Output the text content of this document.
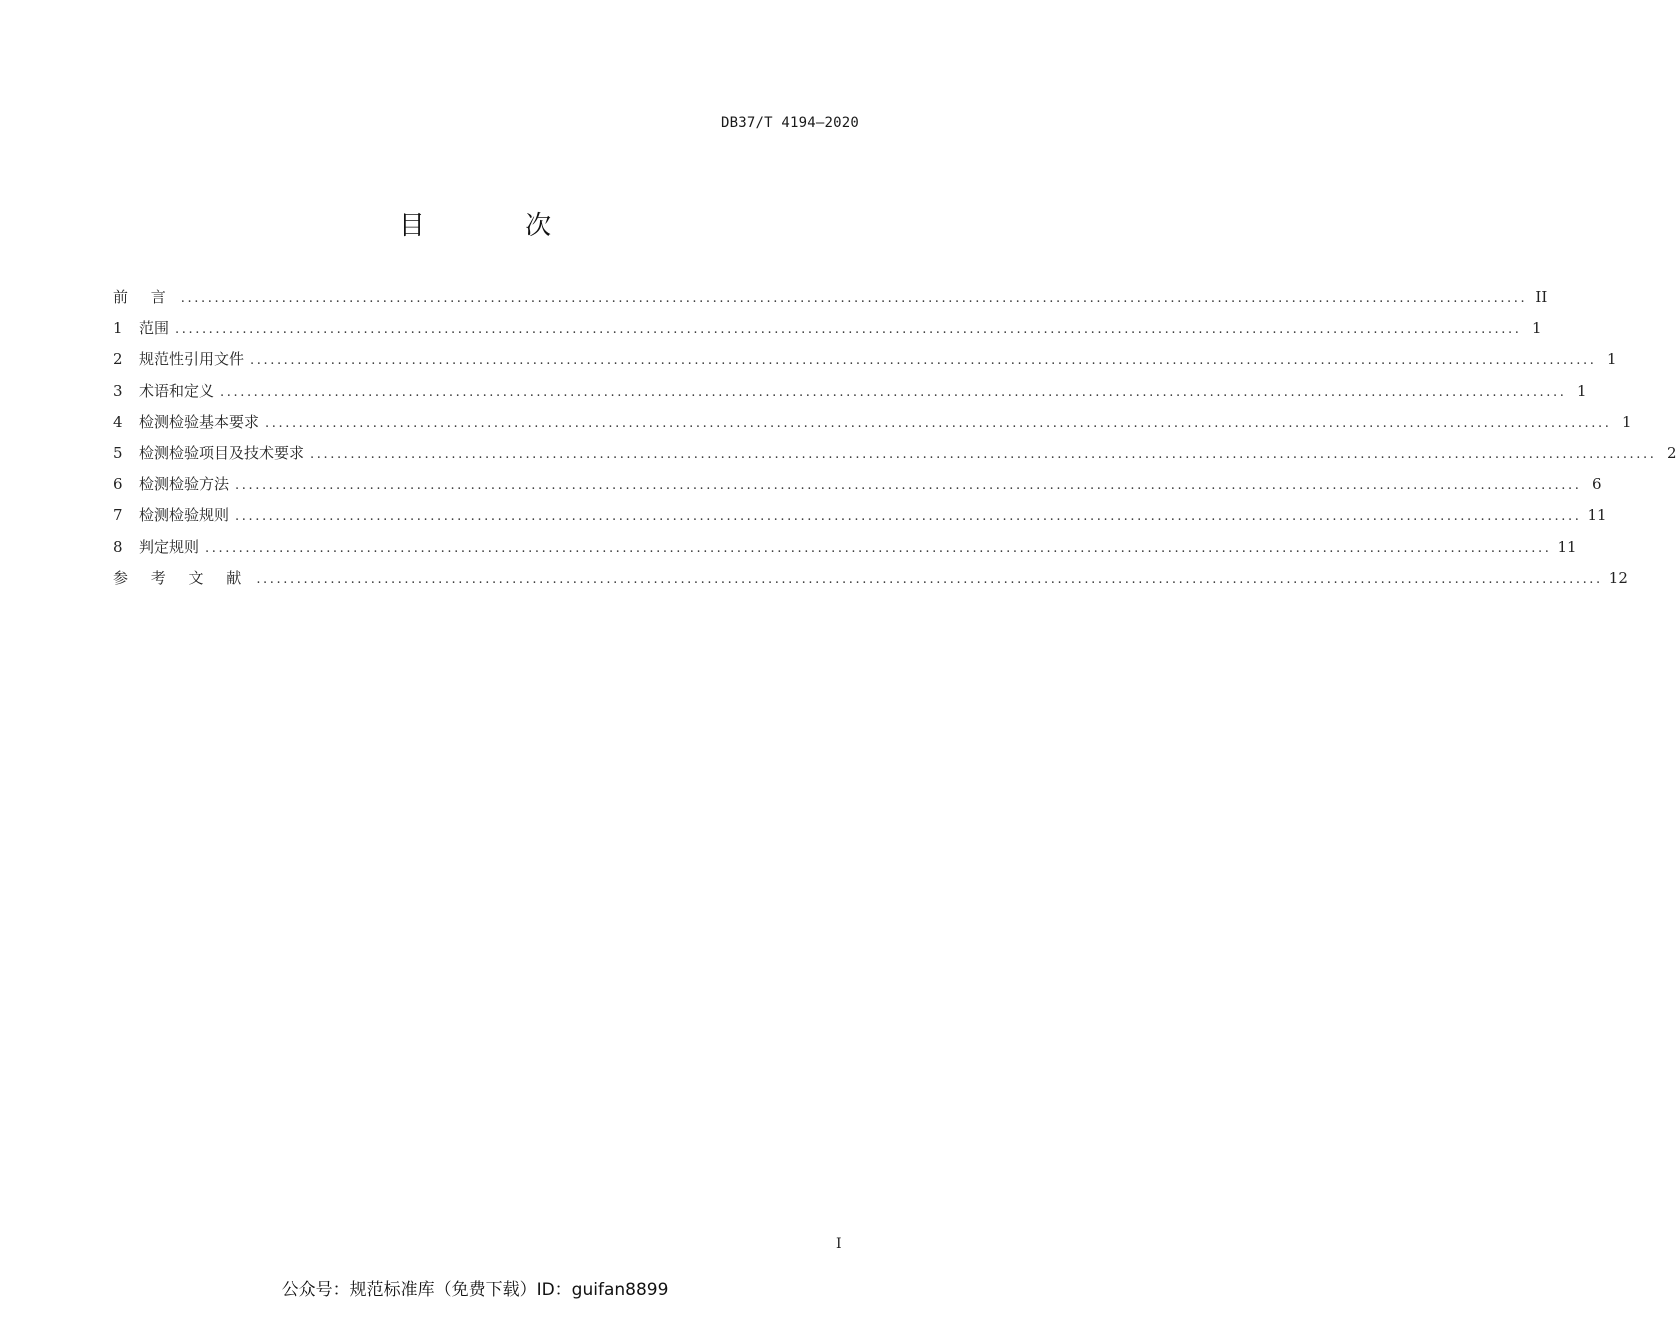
DB37/T 4194—2020
目 次
前 言 ........................................................................................................................................................................................................ II
1	范围 ........................................................................................................................................................................................................ 1
2	规范性引用文件 ........................................................................................................................................................................................................ 1
3	术语和定义 ........................................................................................................................................................................................................ 1
4	检测检验基本要求 ........................................................................................................................................................................................................ 1
5	检测检验项目及技术要求 ........................................................................................................................................................................................................ 2
6	检测检验方法 ........................................................................................................................................................................................................ 6
7	检测检验规则 ........................................................................................................................................................................................................ 11
8	判定规则 ........................................................................................................................................................................................................ 11
参 考 文 献 ........................................................................................................................................................................................................ 12
I
公众号：规范标准库（免费下载）ID：guifan8899
